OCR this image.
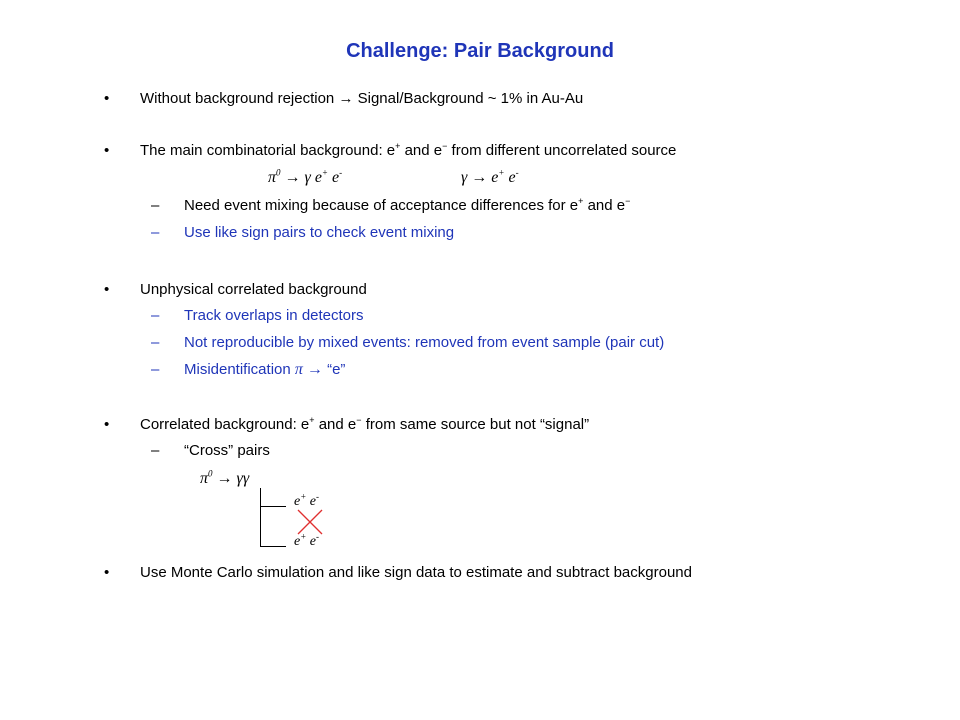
Challenge: Pair Background
• Without background rejection → Signal/Background ~ 1% in Au-Au
• The main combinatorial background: e+ and e− from different uncorrelated source
$\pi^0 \to \gamma$ e+ e-	γ → e+ e-
– Need event mixing because of acceptance differences for e+ and e−
– Use like sign pairs to check event mixing
• Unphysical correlated background
– Track overlaps in detectors
– Not reproducible by mixed events: removed from event sample (pair cut)
– Misidentification π → “e”
• Correlated background: e+ and e− from same source but not “signal”
– “Cross” pairs
$\pi^0 \to \gamma\gamma$
e+ e-
e+ e-
• Use Monte Carlo simulation and like sign data to estimate and subtract background
